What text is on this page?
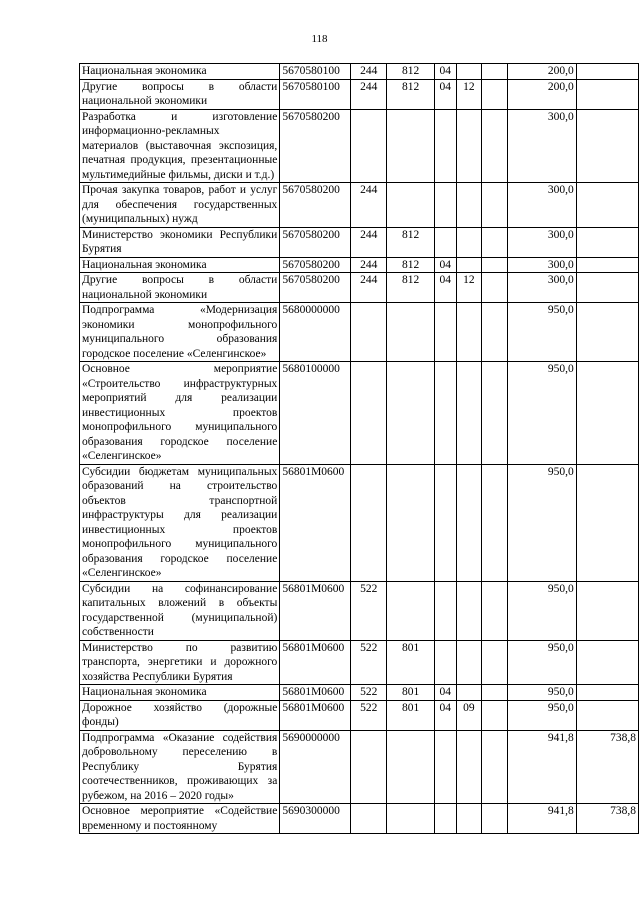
118
Национальная экономика	5670580100	244	812	04			200,0	
Другие вопросы в области национальной экономики	5670580100	244	812	04	12		200,0	
Разработка и изготовление информационно-рекламных материалов (выставочная экспозиция, печатная продукция, презентационные мультимедийные фильмы, диски и т.д.)	5670580200						300,0	
Прочая закупка товаров, работ и услуг для обеспечения государственных (муниципальных) нужд	5670580200	244					300,0	
Министерство экономики Республики Бурятия	5670580200	244	812				300,0	
Национальная экономика	5670580200	244	812	04			300,0	
Другие вопросы в области национальной экономики	5670580200	244	812	04	12		300,0	
Подпрограмма «Модернизация экономики монопрофильного муниципального образования городское поселение «Селенгинское»	5680000000						950,0	
Основное мероприятие «Строительство инфраструктурных мероприятий для реализации инвестиционных проектов монопрофильного муниципального образования городское поселение «Селенгинское»	5680100000						950,0	
Субсидии бюджетам муниципальных образований на строительство объектов транспортной инфраструктуры для реализации инвестиционных проектов монопрофильного муниципального образования городское поселение «Селенгинское»	56801М0600						950,0	
Субсидии на софинансирование капитальных вложений в объекты государственной (муниципальной) собственности	56801М0600	522					950,0	
Министерство по развитию транспорта, энергетики и дорожного хозяйства Республики Бурятия	56801М0600	522	801				950,0	
Национальная экономика	56801М0600	522	801	04			950,0	
Дорожное хозяйство (дорожные фонды)	56801М0600	522	801	04	09		950,0	
Подпрограмма «Оказание содействия добровольному переселению в Республику Бурятия соотечественников, проживающих за рубежом, на 2016 – 2020 годы»	5690000000						941,8	738,8
Основное мероприятие «Содействие временному и постоянному	5690300000						941,8	738,8
